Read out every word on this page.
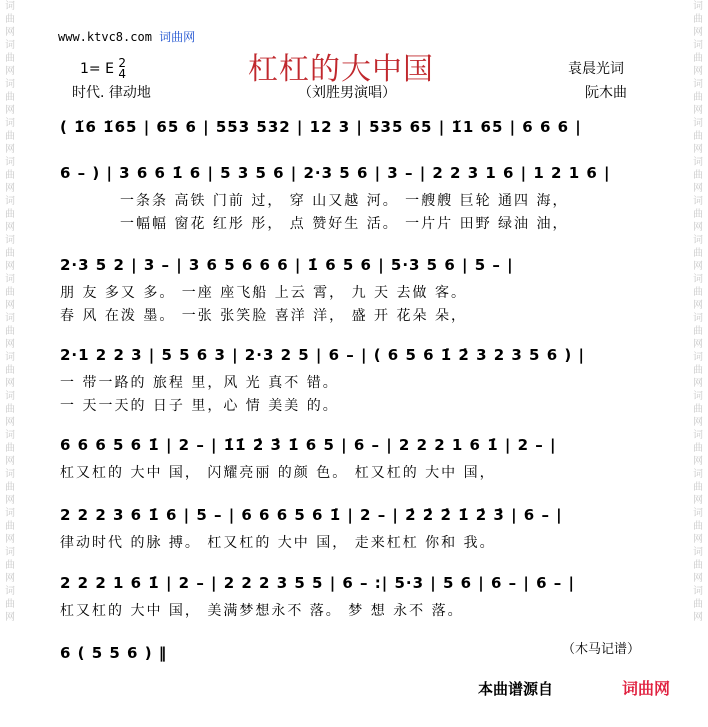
词曲网词曲网词曲网词曲网词曲网词曲网词曲网词曲网词曲网词曲网词曲网词曲网词曲网词曲网词曲网词曲网
词曲网词曲网词曲网词曲网词曲网词曲网词曲网词曲网词曲网词曲网词曲网词曲网词曲网词曲网词曲网词曲网
www.ktvc8.com 词曲网
杠杠的大中国
1= E 2
4
时代. 律动地	（刘胜男演唱）
袁晨光词
阮木曲
( 1̆6 1̆65 | 65 6 | 553 532 | 12 3 | 535 65 | 1̆1 65 | 6 6 6 |
6 – ) | 3 6 6 1̇ 6 | 5 3 5 6 | 2·3 5 6 | 3 – | 2 2 3 1 6 | 1 2 1 6 |
一条条 高铁 门前 过， 穿 山又越 河。 一艘艘 巨轮 通四 海，
一幅幅 窗花 红彤 彤， 点 赞好生 活。 一片片 田野 绿油 油，
2·3 5 2 | 3 – | 3 6 5 6 6 6 | 1̇ 6 5 6 | 5·3 5 6 | 5 – |
朋 友 多又 多。 一座 座飞船 上云 霄， 九 天 去做 客。
春 风 在泼 墨。 一张 张笑脸 喜洋 洋， 盛 开 花朵 朵，
2·1 2 2 3 | 5 5 6 3 | 2·3 2 5 | 6 – | ( 6 5 6 1̇ 2̇ 3 2 3 5 6 ) |
一 带一路的 旅程 里，风 光 真不 错。
一 天一天的 日子 里，心 情 美美 的。
6 6 6 5 6 1̇ | 2 – | 1̇1̇ 2̇ 3̇ 1̇ 6 5 | 6 – | 2 2 2 1 6 1̇ | 2 – |
杠又杠的 大中 国， 闪耀亮丽 的颜 色。 杠又杠的 大中 国，
2 2 2 3 6 1̇ 6 | 5 – | 6 6 6 5 6 1̇ | 2 – | 2̇ 2̇ 2̇ 1̇ 2̇ 3̇ | 6 – |
律动时代 的脉 搏。 杠又杠的 大中 国， 走来杠杠 你和 我。
2 2 2 1 6 1̇ | 2 – | 2 2 2 3 5 5 | 6 – :| 5·3 | 5 6 | 6 – | 6 – |
杠又杠的 大中 国， 美满梦想永不 落。 梦 想 永不 落。
6 ( 5 5 6 ) ‖	（木马记谱）
本曲谱源自	词曲网
